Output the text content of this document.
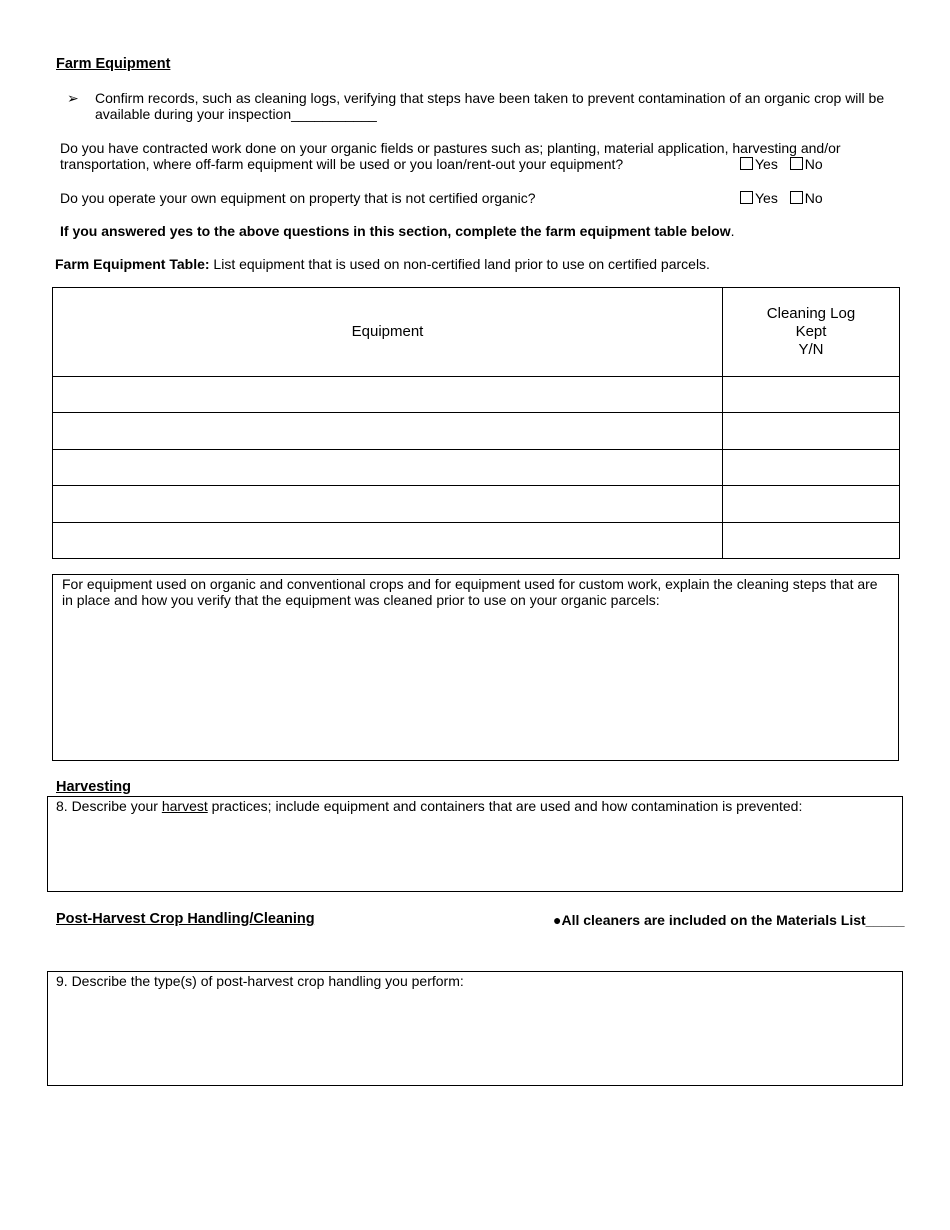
Farm Equipment
➢ Confirm records, such as cleaning logs, verifying that steps have been taken to prevent contamination of an organic crop will be available during your inspection___________
Do you have contracted work done on your organic fields or pastures such as; planting, material application, harvesting and/or
transportation, where off-farm equipment will be used or you loan/rent-out your equipment?	Yes No
Do you operate your own equipment on property that is not certified organic?	Yes No
If you answered yes to the above questions in this section, complete the farm equipment table below.
Farm Equipment Table: List equipment that is used on non-certified land prior to use on certified parcels.
Equipment	Cleaning Log
Kept
Y/N

For equipment used on organic and conventional crops and for equipment used for custom work, explain the cleaning steps that are in place and how you verify that the equipment was cleaned prior to use on your organic parcels:
Harvesting
8. Describe your harvest practices; include equipment and containers that are used and how contamination is prevented:
Post-Harvest Crop Handling/Cleaning	●All cleaners are included on the Materials List_____
9. Describe the type(s) of post-harvest crop handling you perform:
